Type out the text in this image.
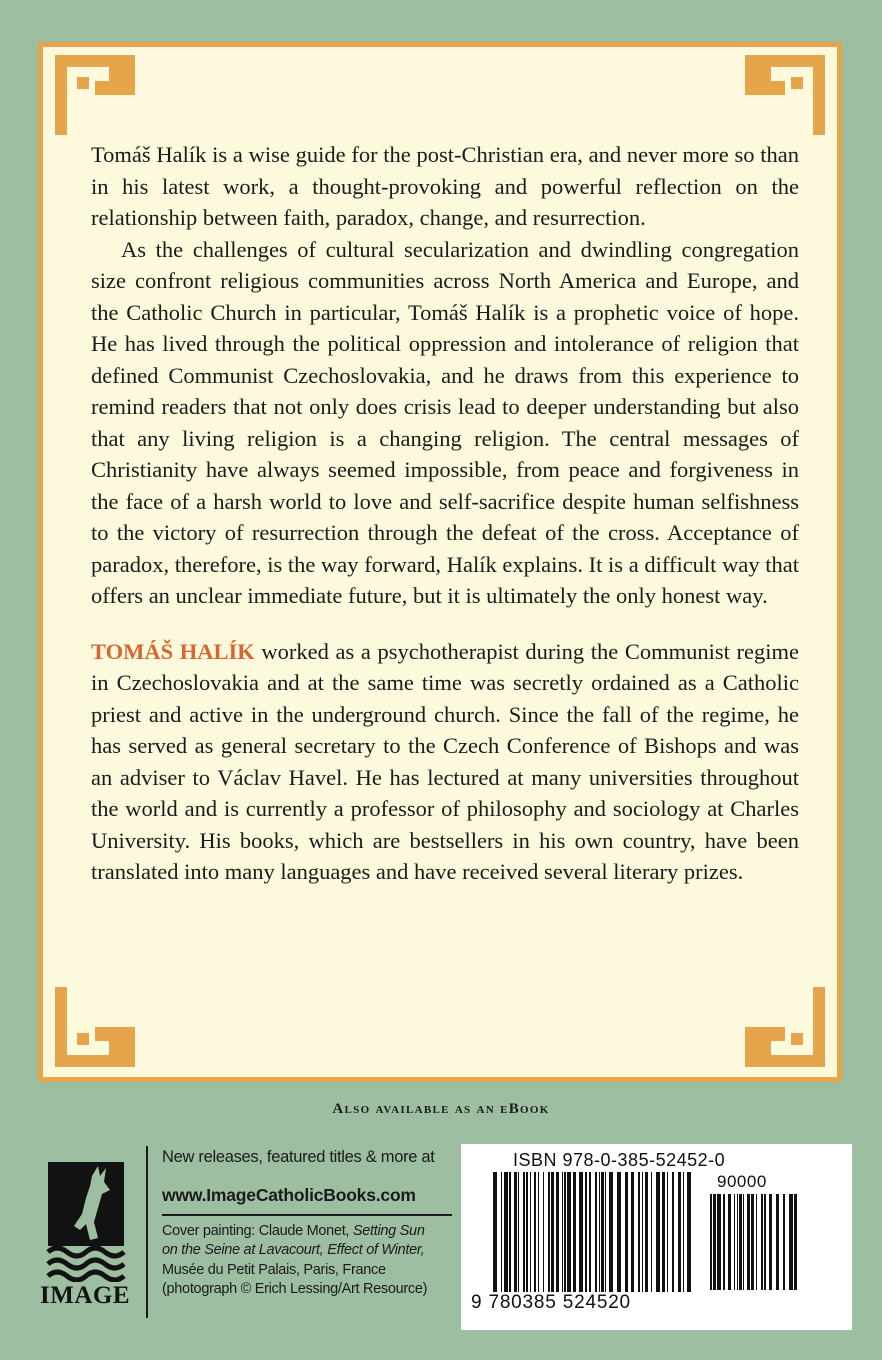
Tomáš Halík is a wise guide for the post-Christian era, and never more so than in his latest work, a thought-provoking and powerful reflection on the relationship between faith, paradox, change, and resurrection.

As the challenges of cultural secularization and dwindling congregation size confront religious communities across North America and Europe, and the Catholic Church in particular, Tomáš Halík is a prophetic voice of hope. He has lived through the political oppression and intolerance of religion that defined Communist Czechoslovakia, and he draws from this experience to remind readers that not only does crisis lead to deeper understanding but also that any living religion is a changing religion. The central messages of Christianity have always seemed impossible, from peace and forgiveness in the face of a harsh world to love and self-sacrifice despite human selfishness to the victory of resurrection through the defeat of the cross. Acceptance of paradox, therefore, is the way forward, Halík explains. It is a difficult way that offers an unclear immediate future, but it is ultimately the only honest way.

TOMÁŠ HALÍK worked as a psychotherapist during the Communist regime in Czechoslovakia and at the same time was secretly ordained as a Catholic priest and active in the underground church. Since the fall of the regime, he has served as general secretary to the Czech Conference of Bishops and was an adviser to Václav Havel. He has lectured at many universities throughout the world and is currently a professor of philosophy and sociology at Charles University. His books, which are bestsellers in his own country, have been translated into many languages and have received several literary prizes.

Also available as an eBook
IMAGE
New releases, featured titles & more at
www.ImageCatholicBooks.com
Cover painting: Claude Monet, Setting Sun
on the Seine at Lavacourt, Effect of Winter,
Musée du Petit Palais, Paris, France
(photograph © Erich Lessing/Art Resource)
ISBN 978-0-385-52452-0
90000
9 780385 524520
